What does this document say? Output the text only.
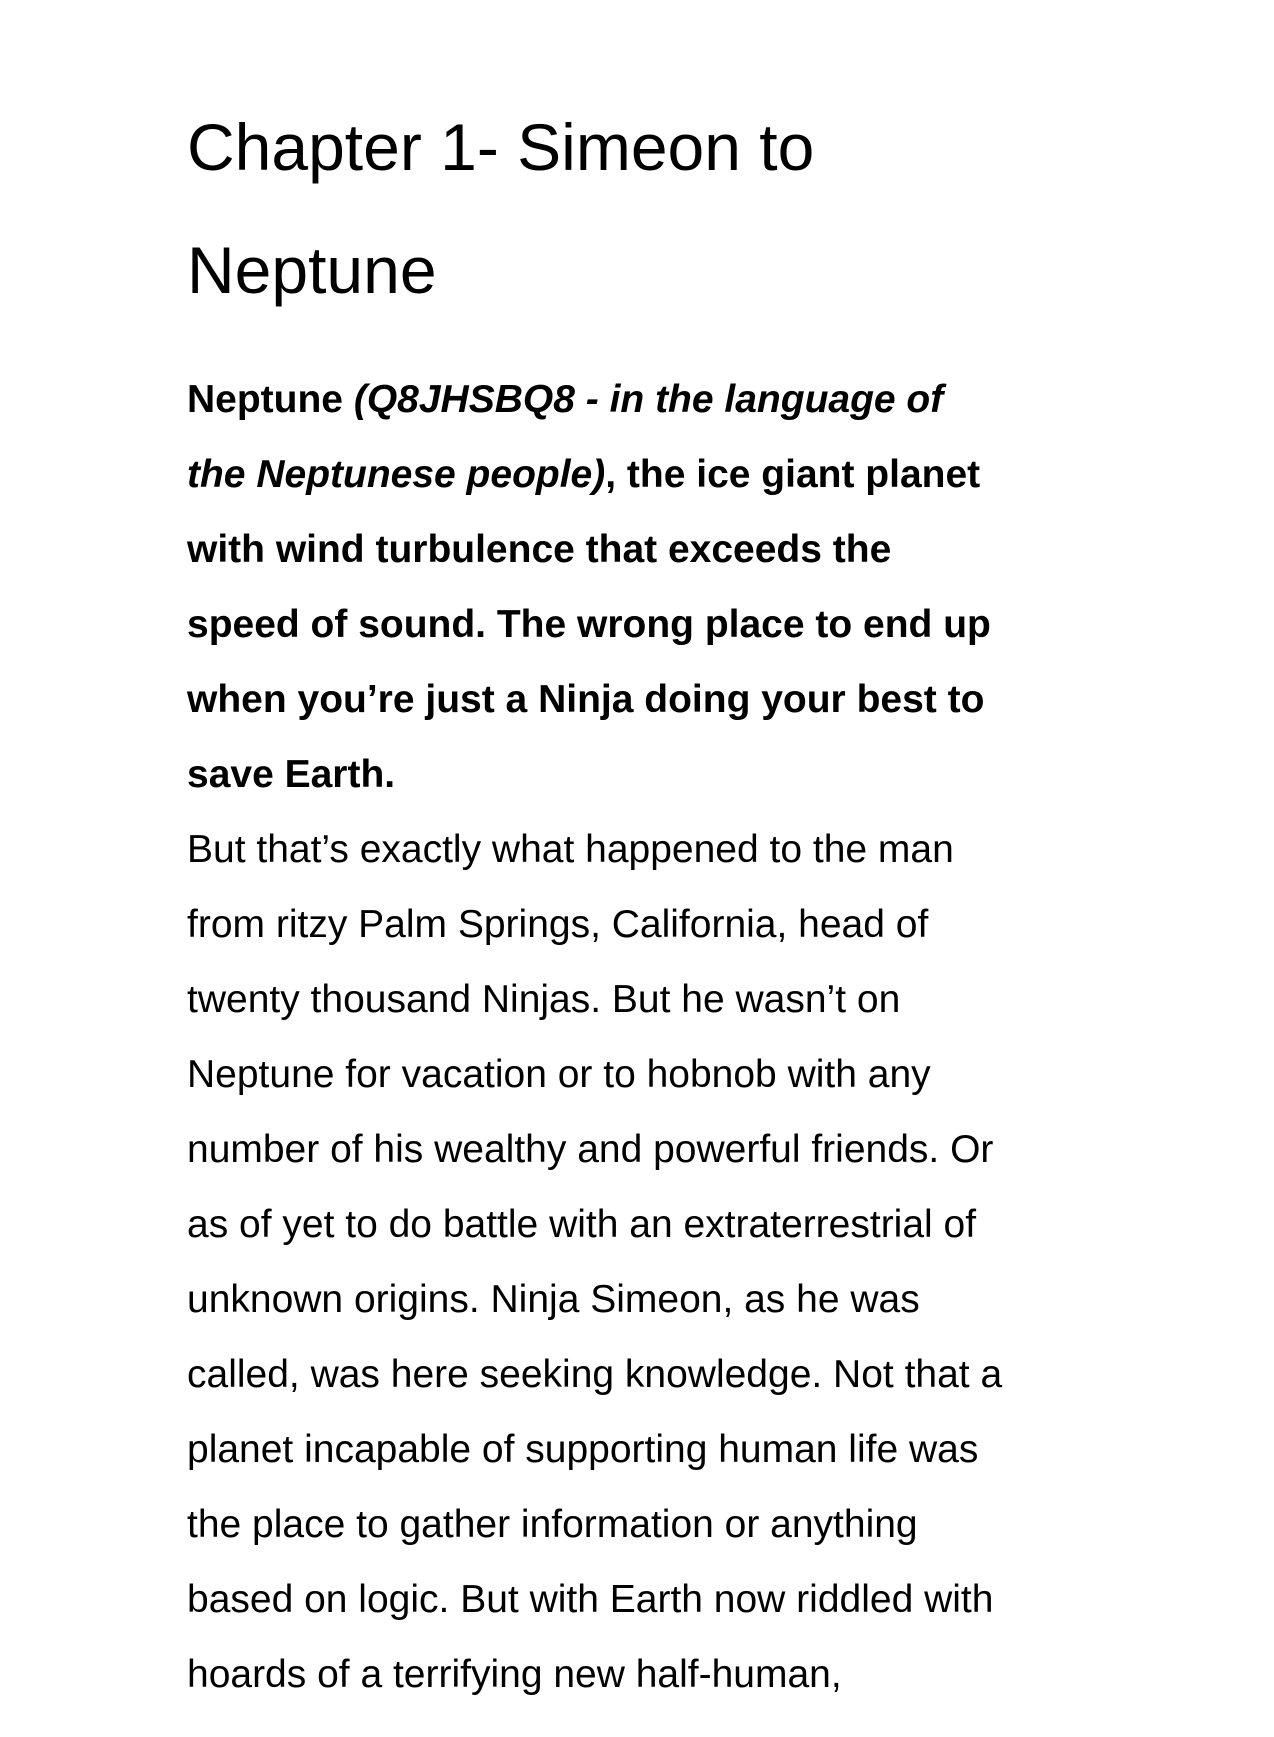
Chapter 1- Simeon to
Neptune
Neptune (Q8JHSBQ8 - in the language of
the Neptunese people), the ice giant planet
with wind turbulence that exceeds the
speed of sound. The wrong place to end up
when you’re just a Ninja doing your best to
save Earth.
But that’s exactly what happened to the man
from ritzy Palm Springs, California, head of
twenty thousand Ninjas. But he wasn’t on
Neptune for vacation or to hobnob with any
number of his wealthy and powerful friends. Or
as of yet to do battle with an extraterrestrial of
unknown origins. Ninja Simeon, as he was
called, was here seeking knowledge. Not that a
planet incapable of supporting human life was
the place to gather information or anything
based on logic. But with Earth now riddled with
hoards of a terrifying new half-human,
